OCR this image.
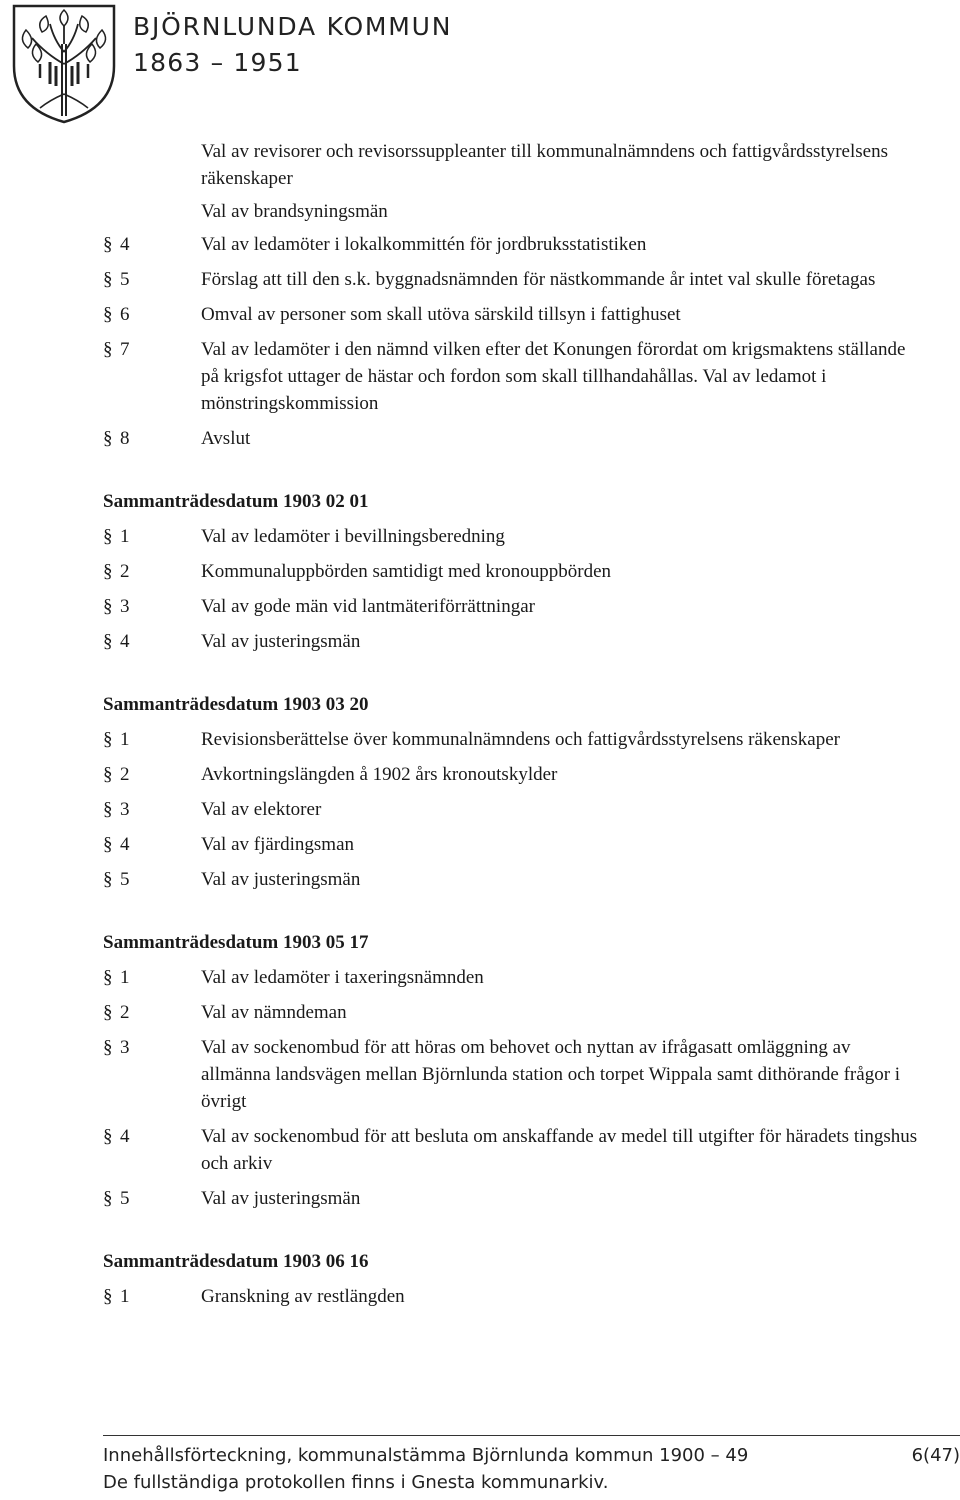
BJÖRNLUNDA KOMMUN
1863 – 1951
Val av revisorer och revisorssuppleanter till kommunalnämndens och fattigvårdsstyrelsens räkenskaper
Val av brandsyningsmän
§ 4	Val av ledamöter i lokalkommittén för jordbruksstatistiken
§ 5	Förslag att till den s.k. byggnadsnämnden för nästkommande år intet val skulle företagas
§ 6	Omval av personer som skall utöva särskild tillsyn i fattighuset
§ 7	Val av ledamöter i den nämnd vilken efter det Konungen förordat om krigsmaktens ställande på krigsfot uttager de hästar och fordon som skall tillhandahållas. Val av ledamot i mönstringskommission
§ 8	Avslut
Sammanträdesdatum 1903 02 01
§ 1	Val av ledamöter i bevillningsberedning
§ 2	Kommunaluppbörden samtidigt med kronouppbörden
§ 3	Val av gode män vid lantmäteriförrättningar
§ 4	Val av justeringsmän
Sammanträdesdatum 1903 03 20
§ 1	Revisionsberättelse över kommunalnämndens och fattigvårdsstyrelsens räkenskaper
§ 2	Avkortningslängden å 1902 års kronoutskylder
§ 3	Val av elektorer
§ 4	Val av fjärdingsman
§ 5	Val av justeringsmän
Sammanträdesdatum 1903 05 17
§ 1	Val av ledamöter i taxeringsnämnden
§ 2	Val av nämndeman
§ 3	Val av sockenombud för att höras om behovet och nyttan av ifrågasatt omläggning av allmänna landsvägen mellan Björnlunda station och torpet Wippala samt dithörande frågor i övrigt
§ 4	Val av sockenombud för att besluta om anskaffande av medel till utgifter för häradets tingshus och arkiv
§ 5	Val av justeringsmän
Sammanträdesdatum 1903 06 16
§ 1	Granskning av restlängden
Innehållsförteckning, kommunalstämma Björnlunda kommun 1900 – 49
De fullständiga protokollen finns i Gnesta kommunarkiv.
6(47)
